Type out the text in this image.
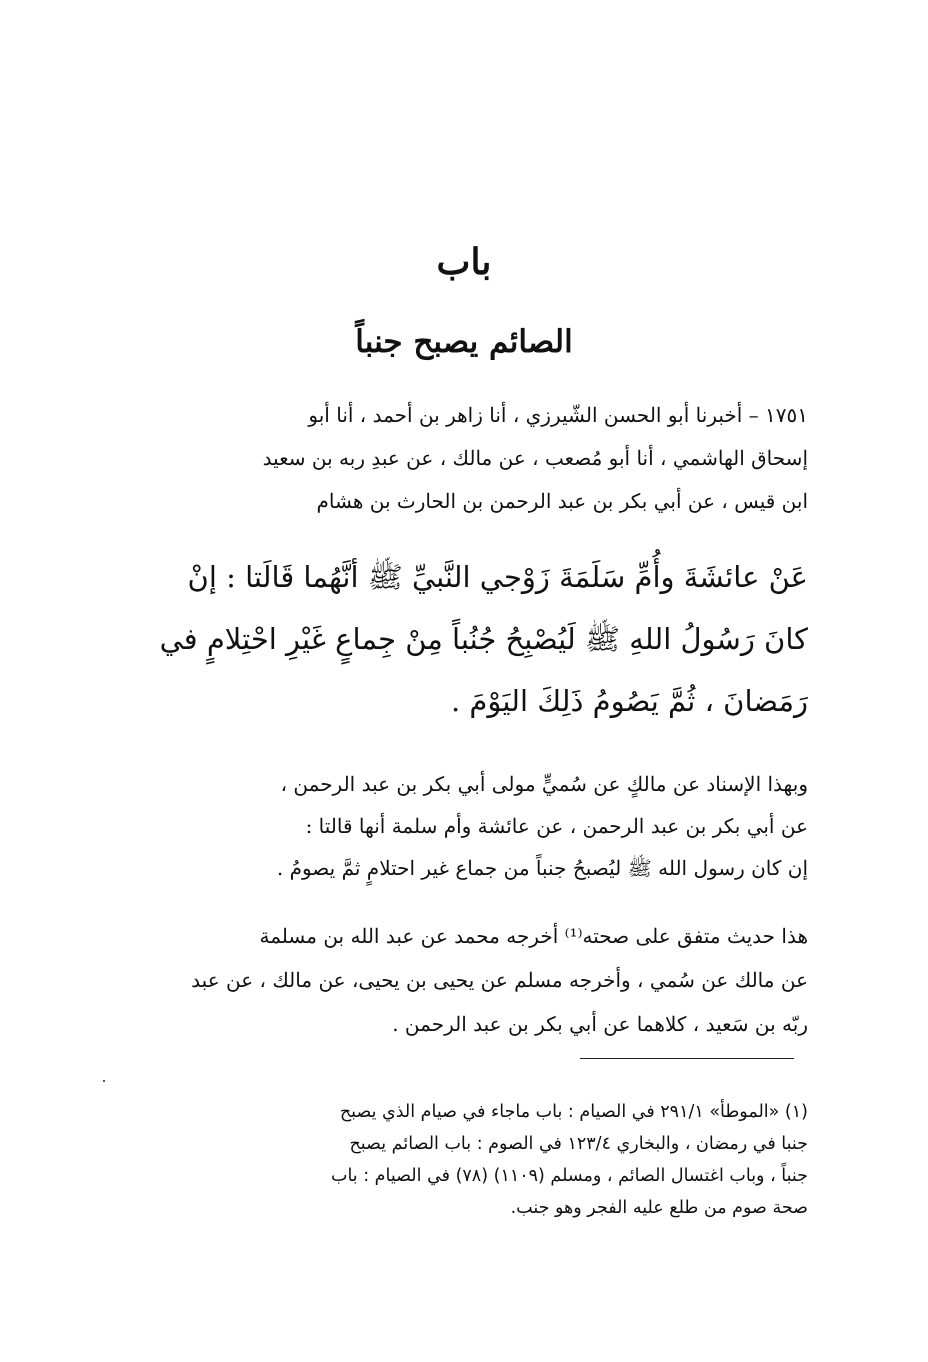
باب
الصائم يصبح جنباً
١٧٥١ – أخبرنا أبو الحسن الشّيرزي ، أنا زاهر بن أحمد ، أنا أبو
إسحاق الهاشمي ، أنا أبو مُصعب ، عن مالك ، عن عبدِ ربه بن سعيد
ابن قيس ، عن أبي بكر بن عبد الرحمن بن الحارث بن هشام
عَنْ عائشَةَ وأُمِّ سَلَمَةَ زَوْجي النَّبيِّ ﷺ أنَّهُما قَالَتا : إنْ
كانَ رَسُولُ اللهِ ﷺ لَيُصْبِحُ جُنُباً مِنْ جِماعٍ غَيْرِ احْتِلامٍ في
رَمَضانَ ، ثُمَّ يَصُومُ ذَلِكَ اليَوْمَ .
وبهذا الإسناد عن مالكٍ عن سُميٍّ مولى أبي بكر بن عبد الرحمن ،
عن أبي بكر بن عبد الرحمن ، عن عائشة وأم سلمة أنها قالتا :
إن كان رسول الله ﷺ ليُصبحُ جنباً من جماع غير احتلامٍ ثمَّ يصومُ .
هذا حديث متفق على صحته⁽¹⁾ أخرجه محمد عن عبد الله بن مسلمة
عن مالك عن سُمي ، وأخرجه مسلم عن يحيى بن يحيى، عن مالك ، عن عبد
ربّه بن سَعيد ، كلاهما عن أبي بكر بن عبد الرحمن .
(١) «الموطأ» ٢٩١/١ في الصيام : باب ماجاء في صيام الذي يصبح
جنبا في رمضان ، والبخاري ١٢٣/٤ في الصوم : باب الصائم يصبح
جنباً ، وباب اغتسال الصائم ، ومسلم (١١٠٩) (٧٨) في الصيام : باب
صحة صوم من طلع عليه الفجر وهو جنب.
